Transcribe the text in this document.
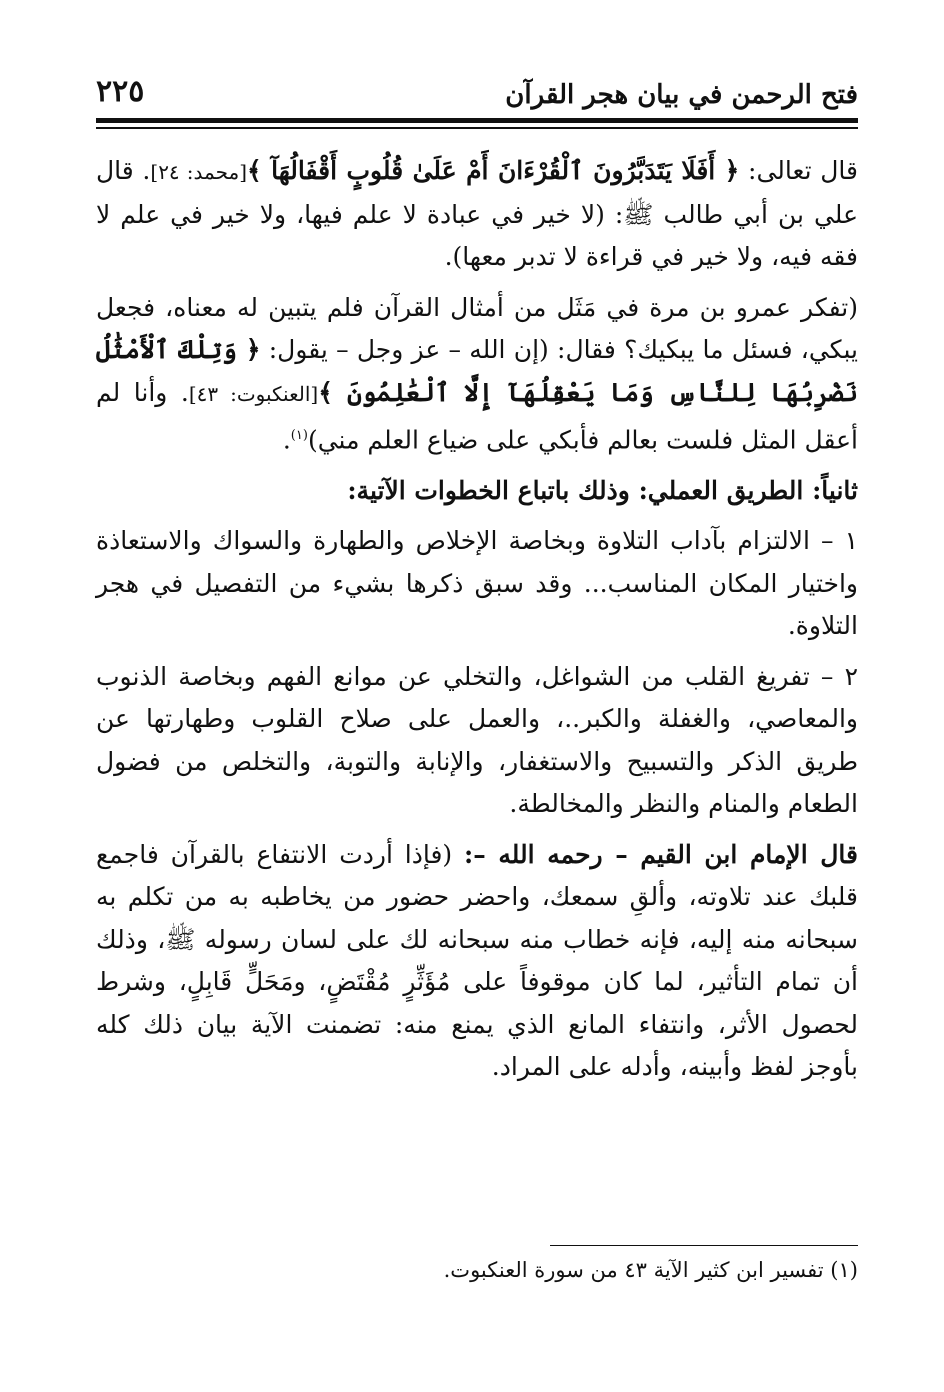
فتح الرحمن في بيان هجر القرآن
٢٢٥

قال تعالى: ﴿ أَفَلَا يَتَدَبَّرُونَ ٱلْقُرْءَانَ أَمْ عَلَىٰ قُلُوبٍ أَقْفَالُهَآ ﴾[محمد: ٢٤]. قال علي بن أبي طالب ﷺ: (لا خير في عبادة لا علم فيها، ولا خير في علم لا فقه فيه، ولا خير في قراءة لا تدبر معها).

(تفكر عمرو بن مرة في مَثَل من أمثال القرآن فلم يتبين له معناه، فجعل يبكي، فسئل ما يبكيك؟ فقال: (إن الله – عز وجل – يقول: ﴿ وَتِلْكَ ٱلْأَمْثَٰلُ نَضْرِبُهَا لِلنَّاسِ وَمَا يَعْقِلُهَآ إِلَّا ٱلْعَٰلِمُونَ ﴾[العنكبوت: ٤٣]. وأنا لم أعقل المثل فلست بعالم فأبكي على ضياع العلم مني)$^{(١)}$.

ثانياً: الطريق العملي: وذلك باتباع الخطوات الآتية:

١ – الالتزام بآداب التلاوة وبخاصة الإخلاص والطهارة والسواك والاستعاذة واختيار المكان المناسب... وقد سبق ذكرها بشيء من التفصيل في هجر التلاوة.

٢ – تفريغ القلب من الشواغل، والتخلي عن موانع الفهم وبخاصة الذنوب والمعاصي، والغفلة والكبر..، والعمل على صلاح القلوب وطهارتها عن طريق الذكر والتسبيح والاستغفار، والإنابة والتوبة، والتخلص من فضول الطعام والمنام والنظر والمخالطة.

قال الإمام ابن القيم – رحمه الله –: (فإذا أردت الانتفاع بالقرآن فاجمع قلبك عند تلاوته، وألقِ سمعك، واحضر حضور من يخاطبه به من تكلم به سبحانه منه إليه، فإنه خطاب منه سبحانه لك على لسان رسوله ﷺ، وذلك أن تمام التأثير، لما كان موقوفاً على مُؤَثِّرٍ مُقْتَضٍ، ومَحَلٍّ قَابِلٍ، وشرط لحصول الأثر، وانتفاء المانع الذي يمنع منه: تضمنت الآية بيان ذلك كله بأوجز لفظ وأبينه، وأدله على المراد.

(١) تفسير ابن كثير الآية ٤٣ من سورة العنكبوت.
